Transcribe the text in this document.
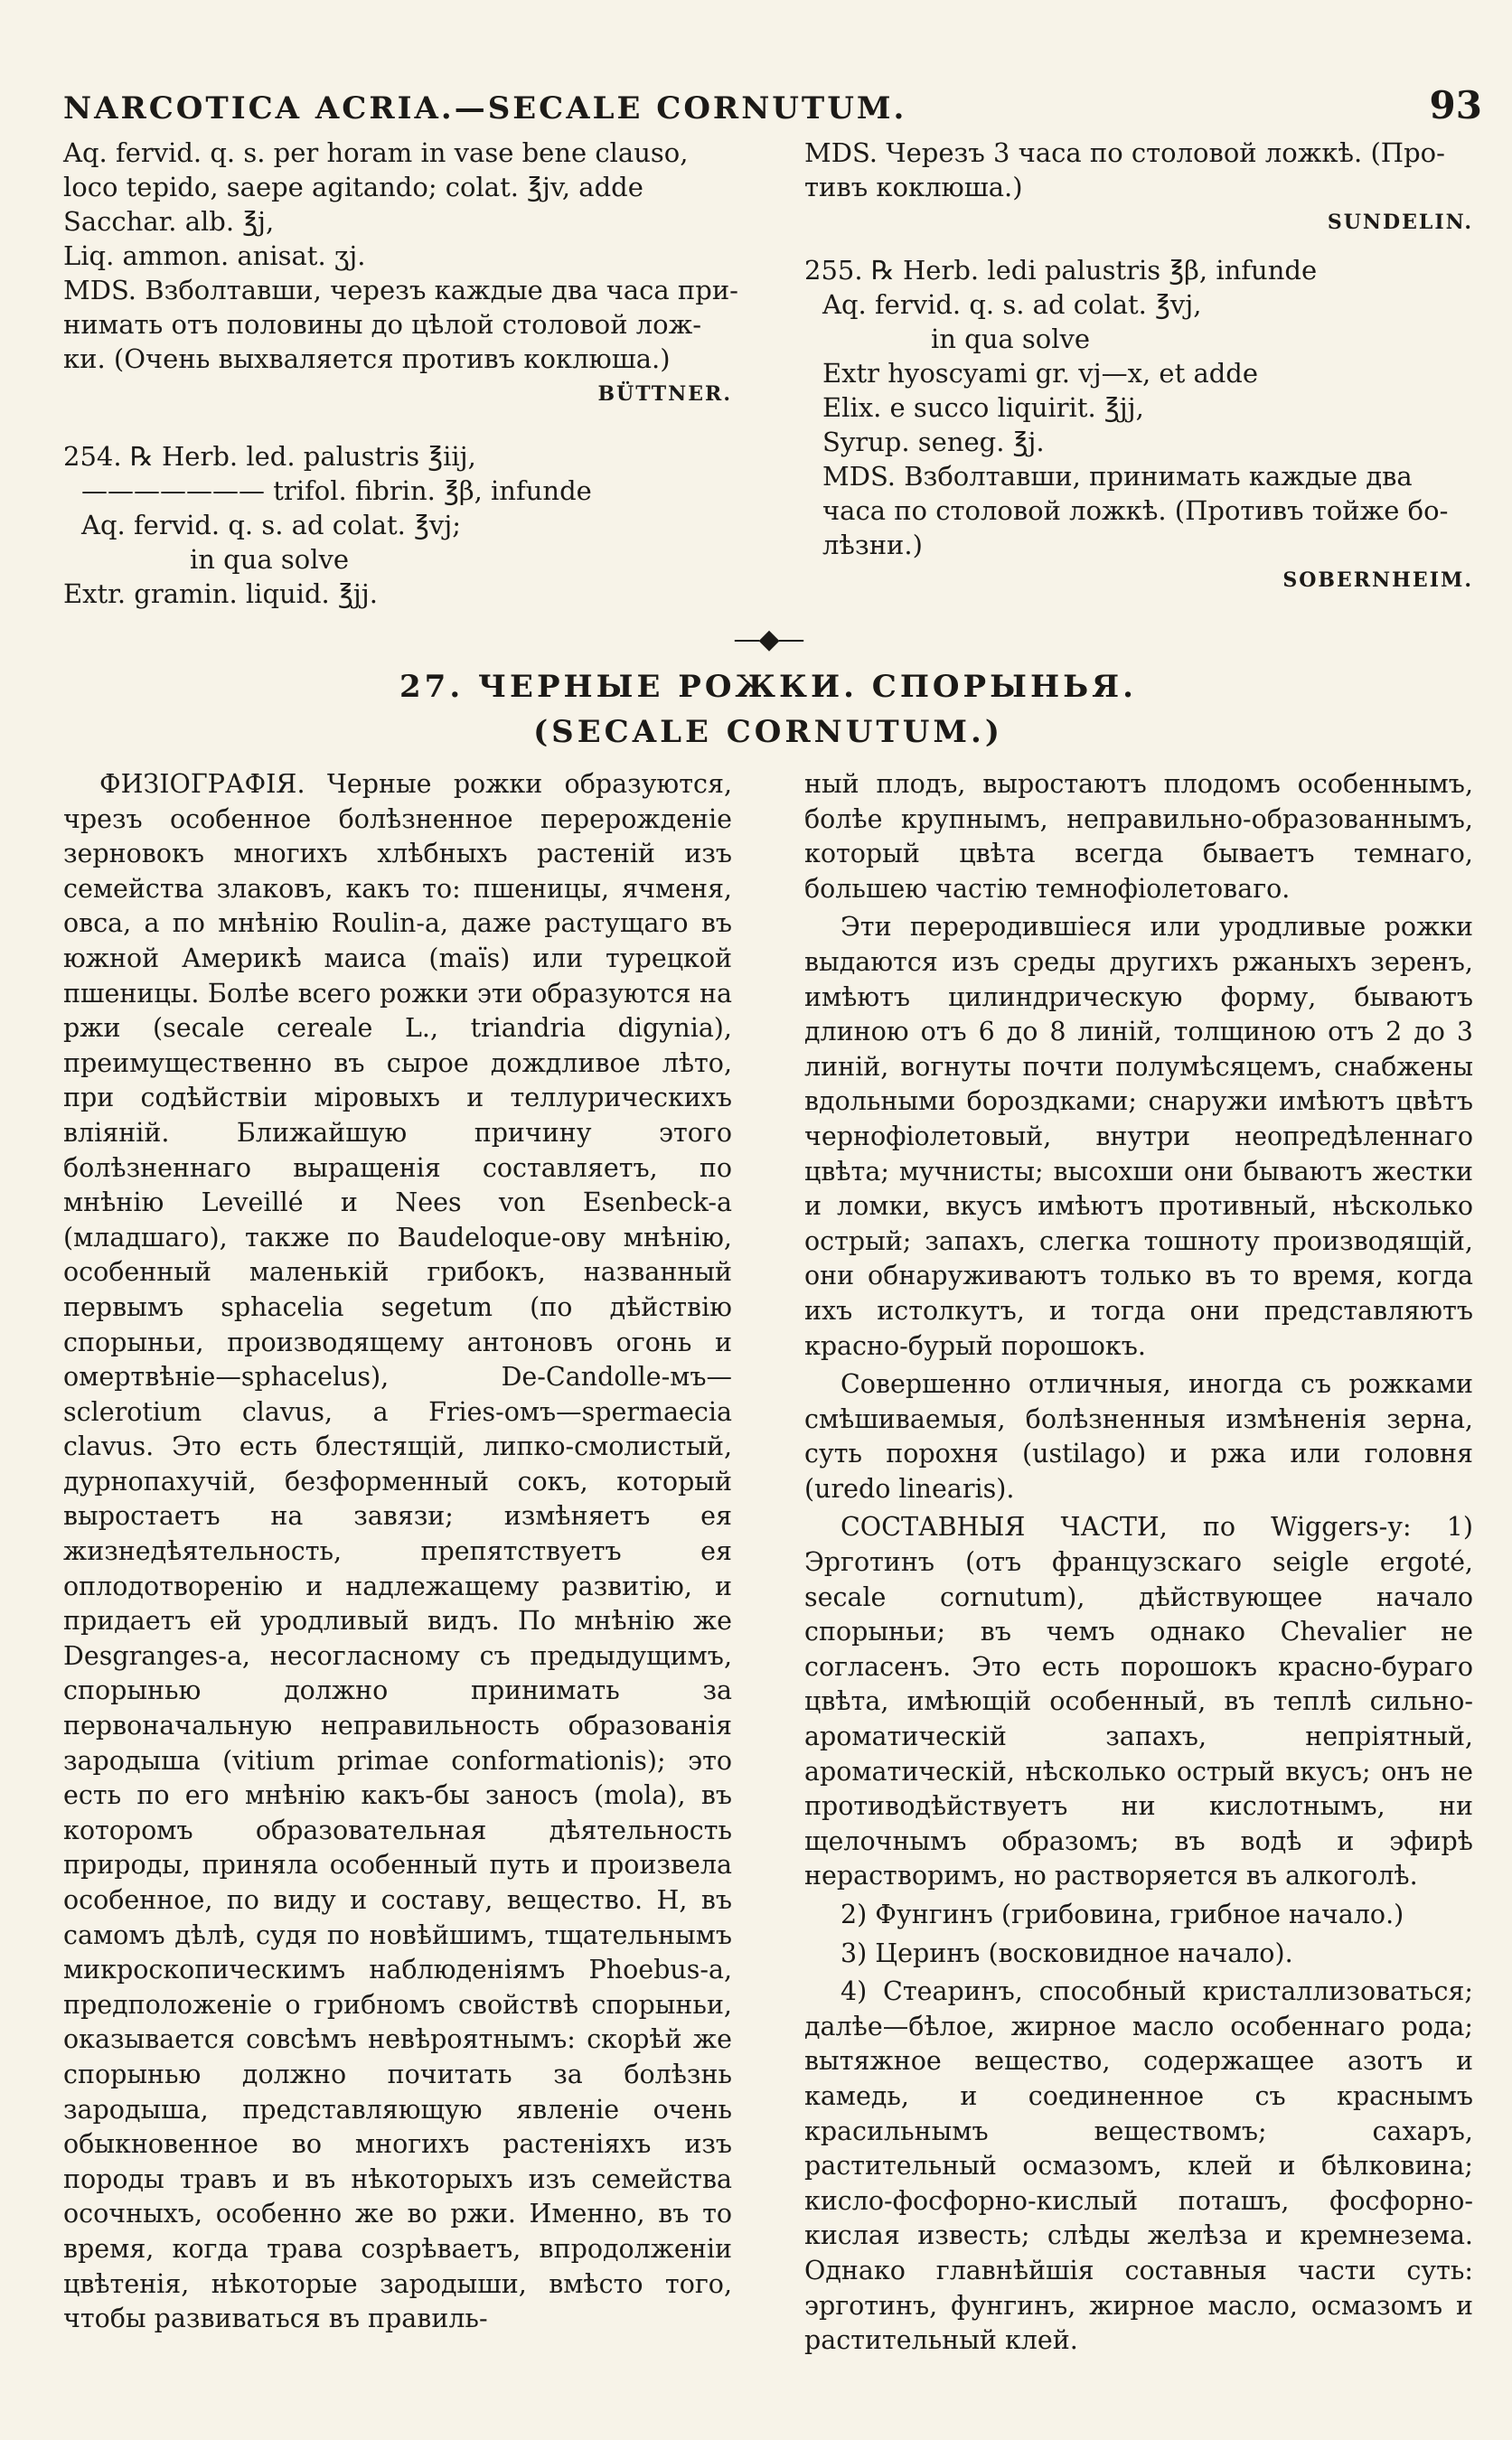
NARCOTICA ACRIA.—SECALE CORNUTUM.	93
Aq. fervid. q. s. per horam in vase bene clauso,
loco tepido, saepe agitando; colat. ℥jv, adde
Sacchar. alb. ℥j,
Liq. ammon. anisat. ʒj.
MDS. Взболтавши, черезъ каждые два часа при-
нимать отъ половины до цѣлой столовой лож-
ки. (Очень выхваляется противъ коклюша.)
BÜTTNER.
254. ℞ Herb. led. palustris ℥iij,
——————— trifol. fibrin. ℥β, infunde
Aq. fervid. q. s. ad colat. ℥vj;
in qua solve
Extr. gramin. liquid. ℥jj.
MDS. Черезъ 3 часа по столовой ложкѣ. (Про-
тивъ коклюша.)
SUNDELIN.
255. ℞ Herb. ledi palustris ℥β, infunde
Aq. fervid. q. s. ad colat. ℥vj,
in qua solve
Extr hyoscyami gr. vj—x, et adde
Elix. e succo liquirit. ℥jj,
Syrup. seneg. ℥j.
MDS. Взболтавши, принимать каждые два
часа по столовой ложкѣ. (Противъ тойже бо-
лѣзни.)
SOBERNHEIM.
—◆—
27. ЧЕРНЫЕ РОЖКИ. СПОРЫНЬЯ.
(SECALE CORNUTUM.)

ФИЗІОГРАФІЯ. Черные рожки образуются, чрезъ особенное болѣзненное перерожденіе зерновокъ многихъ хлѣбныхъ растеній изъ семейства злаковъ, какъ то: пшеницы, ячменя, овса, а по мнѣнію Roulin-а, даже растущаго въ южной Америкѣ маиса (maïs) или турецкой пшеницы. Болѣе всего рожки эти образуются на ржи (secale cereale L., triandria digynia), преимущественно въ сырое дождливое лѣто, при содѣйствіи міровыхъ и теллурическихъ вліяній. Ближайшую причину этого болѣзненнаго выращенія составляетъ, по мнѣнію Leveillé и Nees von Esenbeck-а (младшаго), также по Baudeloque-ову мнѣнію, особенный маленькій грибокъ, названный первымъ sphacelia segetum (по дѣйствію спорыньи, производящему антоновъ огонь и омертвѣніе—sphacelus), De-Candolle-мъ—sclerotium clavus, а Fries-омъ—spermaecia clavus. Это есть блестящій, липко-смолистый, дурнопахучій, безформенный сокъ, который выростаетъ на завязи; измѣняетъ ея жизнедѣятельность, препятствуетъ ея оплодотворенію и надлежащему развитію, и придаетъ ей уродливый видъ. По мнѣнію же Desgranges-а, несогласному съ предыдущимъ, спорынью должно принимать за первоначальную неправильность образованія зародыша (vitium primae conformationis); это есть по его мнѣнію какъ-бы заносъ (mola), въ которомъ образовательная дѣятельность природы, приняла особенный путь и произвела особенное, по виду и составу, вещество. Н, въ самомъ дѣлѣ, судя по новѣйшимъ, тщательнымъ микроскопическимъ наблюденіямъ Phoebus-а, предположеніе о грибномъ свойствѣ спорыньи, оказывается совсѣмъ невѣроятнымъ: скорѣй же спорынью должно почитать за болѣзнь зародыша, представляющую явленіе очень обыкновенное во многихъ растеніяхъ изъ породы травъ и въ нѣкоторыхъ изъ семейства осочныхъ, особенно же во ржи. Именно, въ то время, когда трава созрѣваетъ, впродолженіи цвѣтенія, нѣкоторые зародыши, вмѣсто того, чтобы развиваться въ правиль-

ный плодъ, выростаютъ плодомъ особеннымъ, болѣе крупнымъ, неправильно-образованнымъ, который цвѣта всегда бываетъ темнаго, большею частію темнофіолетоваго.

Эти переродившіеся или уродливые рожки выдаются изъ среды другихъ ржаныхъ зеренъ, имѣютъ цилиндрическую форму, бываютъ длиною отъ 6 до 8 линій, толщиною отъ 2 до 3 линій, вогнуты почти полумѣсяцемъ, снабжены вдольными бороздками; снаружи имѣютъ цвѣтъ чернофіолетовый, внутри неопредѣленнаго цвѣта; мучнисты; высохши они бываютъ жестки и ломки, вкусъ имѣютъ противный, нѣсколько острый; запахъ, слегка тошноту производящій, они обнаруживаютъ только въ то время, когда ихъ истолкутъ, и тогда они представляютъ красно-бурый порошокъ.

Совершенно отличныя, иногда съ рожками смѣшиваемыя, болѣзненныя измѣненія зерна, суть порохня (ustilago) и ржа или головня (uredo linearis).

СОСТАВНЫЯ ЧАСТИ, по Wiggers-у: 1) Эрготинъ (отъ французскаго seigle ergoté, secale cornutum), дѣйствующее начало спорыньи; въ чемъ однако Chevalier не согласенъ. Это есть порошокъ красно-бураго цвѣта, имѣющій особенный, въ теплѣ сильно-ароматическій запахъ, непріятный, ароматическій, нѣсколько острый вкусъ; онъ не противодѣйствуетъ ни кислотнымъ, ни щелочнымъ образомъ; въ водѣ и эфирѣ нерастворимъ, но растворяется въ алкоголѣ.

2) Фунгинъ (грибовина, грибное начало.)

3) Церинъ (восковидное начало).

4) Стеаринъ, способный кристаллизоваться; далѣе—бѣлое, жирное масло особеннаго рода; вытяжное вещество, содержащее азотъ и камедь, и соединенное съ краснымъ красильнымъ веществомъ; сахаръ, растительный осмазомъ, клей и бѣлковина; кисло-фосфорно-кислый поташъ, фосфорно-кислая известь; слѣды желѣза и кремнезема. Однако главнѣйшія составныя части суть: эрготинъ, фунгинъ, жирное масло, осмазомъ и растительный клей.
